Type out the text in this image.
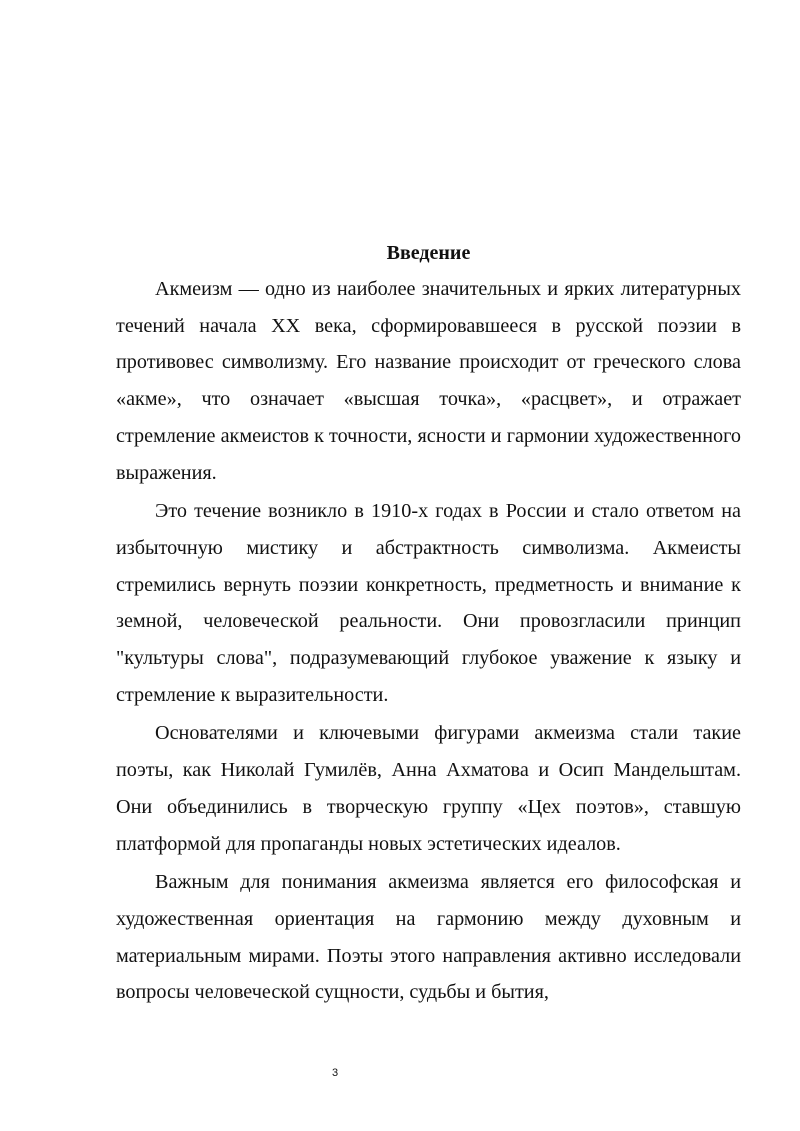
Введение

Акмеизм — одно из наиболее значительных и ярких литературных течений начала XX века, сформировавшееся в русской поэзии в противовес символизму. Его название происходит от греческого слова «акме», что означает «высшая точка», «расцвет», и отражает стремление акмеистов к точности, ясности и гармонии художественного выражения.

Это течение возникло в 1910-х годах в России и стало ответом на избыточную мистику и абстрактность символизма. Акмеисты стремились вернуть поэзии конкретность, предметность и внимание к земной, человеческой реальности. Они провозгласили принцип "культуры слова", подразумевающий глубокое уважение к языку и стремление к выразительности.

Основателями и ключевыми фигурами акмеизма стали такие поэты, как Николай Гумилёв, Анна Ахматова и Осип Мандельштам. Они объединились в творческую группу «Цех поэтов», ставшую платформой для пропаганды новых эстетических идеалов.

Важным для понимания акмеизма является его философская и художественная ориентация на гармонию между духовным и материальным мирами. Поэты этого направления активно исследовали вопросы человеческой сущности, судьбы и бытия,

3
